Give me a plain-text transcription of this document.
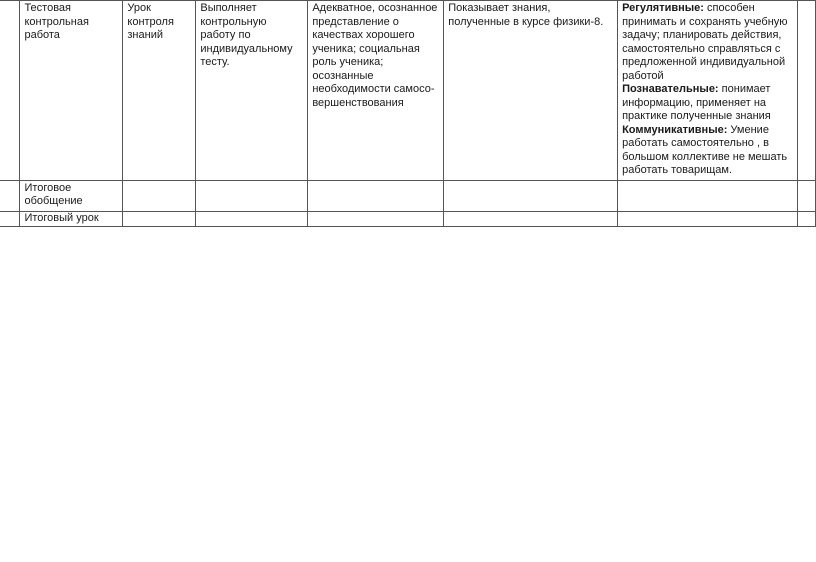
	Тестовая контрольная работа	Урок контроля знаний	Выполняет контрольную работу по индивидуальному тесту.	Адекватное, осознанное представление о качествах хорошего ученика; социальная роль ученика; осознанные необходимости самосо-вершенствования	Показывает знания, полученные в курсе физики-8.	Регулятивные: способен принимать и сохранять учебную задачу; планировать действия, самостоятельно справляться с предложенной индивидуальной работой
Познавательные: понимает информацию, применяет на практике полученные знания
Коммуникативные: Умение работать самостоятельно , в большом коллективе не мешать работать товарищам.	
	Итоговое обобщение						
	Итоговый урок						
